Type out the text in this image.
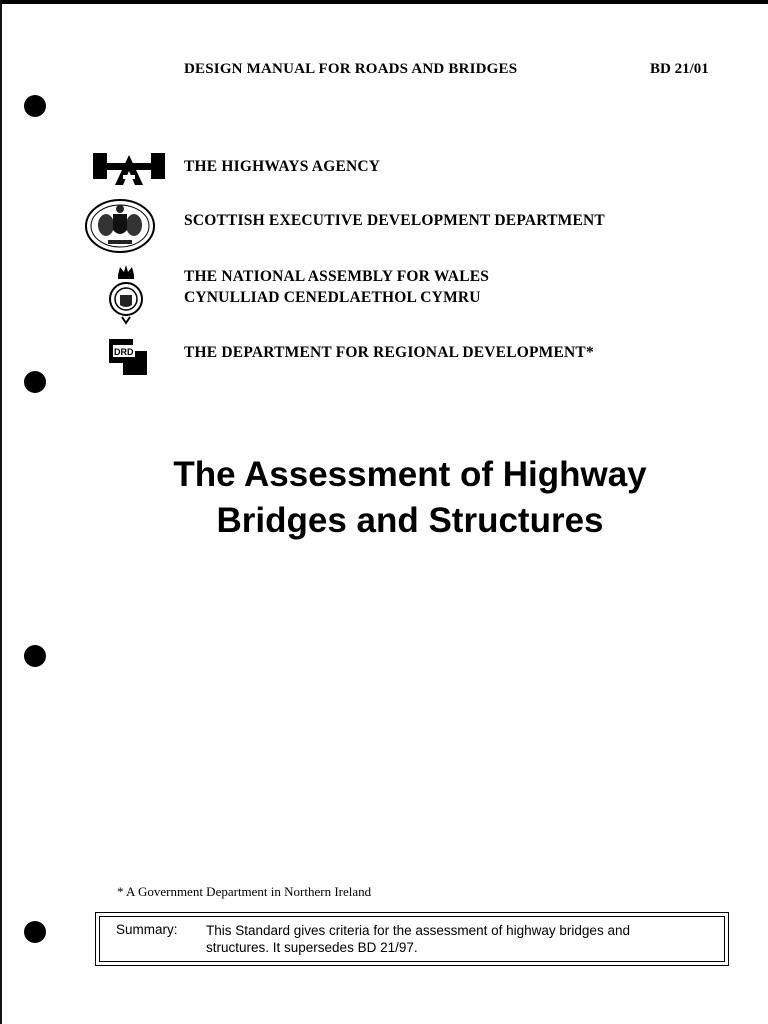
DESIGN MANUAL FOR ROADS AND BRIDGES	BD 21/01
THE HIGHWAYS AGENCY
SCOTTISH EXECUTIVE DEVELOPMENT DEPARTMENT
THE NATIONAL ASSEMBLY FOR WALES
CYNULLIAD CENEDLAETHOL CYMRU
DRD	THE DEPARTMENT FOR REGIONAL DEVELOPMENT*
The Assessment of Highway
Bridges and Structures
* A Government Department in Northern Ireland
Summary: This Standard gives criteria for the assessment of highway bridges and structures. It supersedes BD 21/97.
